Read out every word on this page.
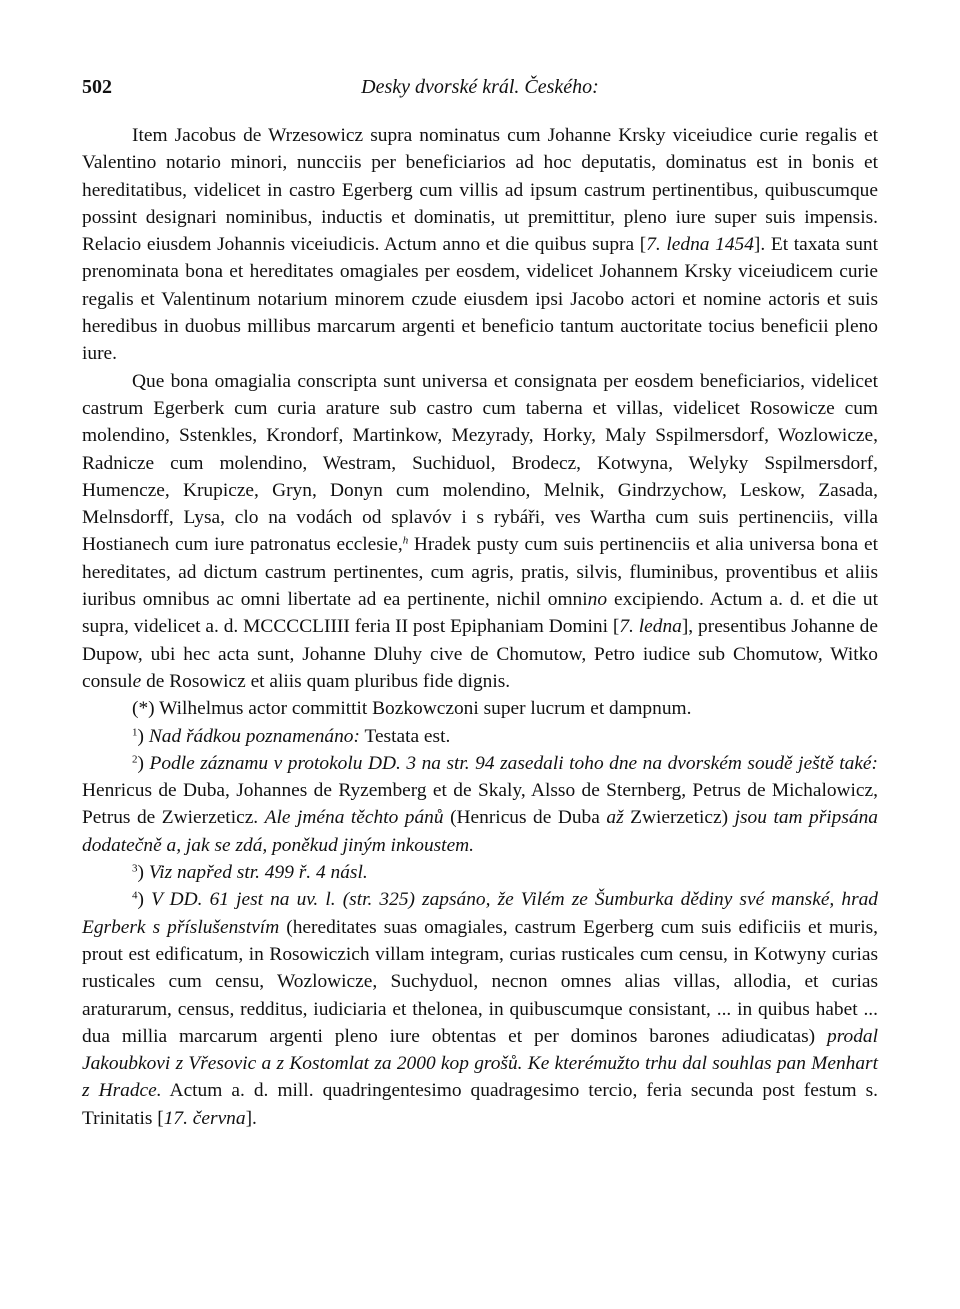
502	Desky dvorské král. Českého:

Item Jacobus de Wrzesowicz supra nominatus cum Johanne Krsky viceiudice curie regalis et Valentino notario minori, nuncciis per beneficiarios ad hoc deputatis, dominatus est in bonis et hereditatibus, videlicet in castro Egerberg cum villis ad ipsum castrum pertinentibus, quibuscumque possint designari nominibus, inductis et dominatis, ut premittitur, pleno iure super suis impensis. Relacio eiusdem Johannis viceiudicis. Actum anno et die quibus supra [7. ledna 1454]. Et taxata sunt prenominata bona et hereditates omagiales per eosdem, videlicet Johannem Krsky viceiudicem curie regalis et Valentinum notarium minorem czude eiusdem ipsi Jacobo actori et nomine actoris et suis heredibus in duobus millibus marcarum argenti et beneficio tantum auctoritate tocius beneficii pleno iure.

Que bona omagialia conscripta sunt universa et consignata per eosdem beneficiarios, videlicet castrum Egerberk cum curia arature sub castro cum taberna et villas, videlicet Rosowicze cum molendino, Sstenkles, Krondorf, Martinkow, Mezyrady, Horky, Maly Sspilmersdorf, Wozlowicze, Radnicze cum molendino, Westram, Suchiduol, Brodecz, Kotwyna, Welyky Sspilmersdorf, Humencze, Krupicze, Gryn, Donyn cum molendino, Melnik, Gindrzychow, Leskow, Zasada, Melnsdorff, Lysa, clo na vodách od splavóv i s rybáři, ves Wartha cum suis pertinenciis, villa Hostianech cum iure patronatus ecclesie,$^h$ Hradek pusty cum suis pertinenciis et alia universa bona et hereditates, ad dictum castrum pertinentes, cum agris, pratis, silvis, fluminibus, proventibus et aliis iuribus omnibus ac omni libertate ad ea pertinente, nichil omnino excipiendo. Actum a. d. et die ut supra, videlicet a. d. MCCCCLIIII feria II post Epiphaniam Domini [7. ledna], presentibus Johanne de Dupow, ubi hec acta sunt, Johanne Dluhy cive de Chomutow, Petro iudice sub Chomutow, Witko consule de Rosowicz et aliis quam pluribus fide dignis.

(*) Wilhelmus actor committit Bozkowczoni super lucrum et dampnum.

$^1$) Nad řádkou poznamenáno: Testata est.

$^2$) Podle záznamu v protokolu DD. 3 na str. 94 zasedali toho dne na dvorském soudě ještě také: Henricus de Duba, Johannes de Ryzemberg et de Skaly, Alsso de Sternberg, Petrus de Michalowicz, Petrus de Zwierzeticz. Ale jména těchto pánů (Henricus de Duba až Zwierzeticz) jsou tam připsána dodatečně a, jak se zdá, poněkud jiným inkoustem.

$^3$) Viz napřed str. 499 ř. 4 násl.

$^4$) V DD. 61 jest na uv. l. (str. 325) zapsáno, že Vilém ze Šumburka dědiny své manské, hrad Egrberk s příslušenstvím (hereditates suas omagiales, castrum Egerberg cum suis edificiis et muris, prout est edificatum, in Rosowiczich villam integram, curias rusticales cum censu, in Kotwyny curias rusticales cum censu, Wozlowicze, Suchyduol, necnon omnes alias villas, allodia, et curias araturarum, census, redditus, iudiciaria et thelonea, in quibuscumque consistant, ... in quibus habet ... dua millia marcarum argenti pleno iure obtentas et per dominos barones adiudicatas) prodal Jakoubkovi z Vřesovic a z Kostomlat za 2000 kop grošů. Ke kterémužto trhu dal souhlas pan Menhart z Hradce. Actum a. d. mill. quadringentesimo quadragesimo tercio, feria secunda post festum s. Trinitatis [17. června].
